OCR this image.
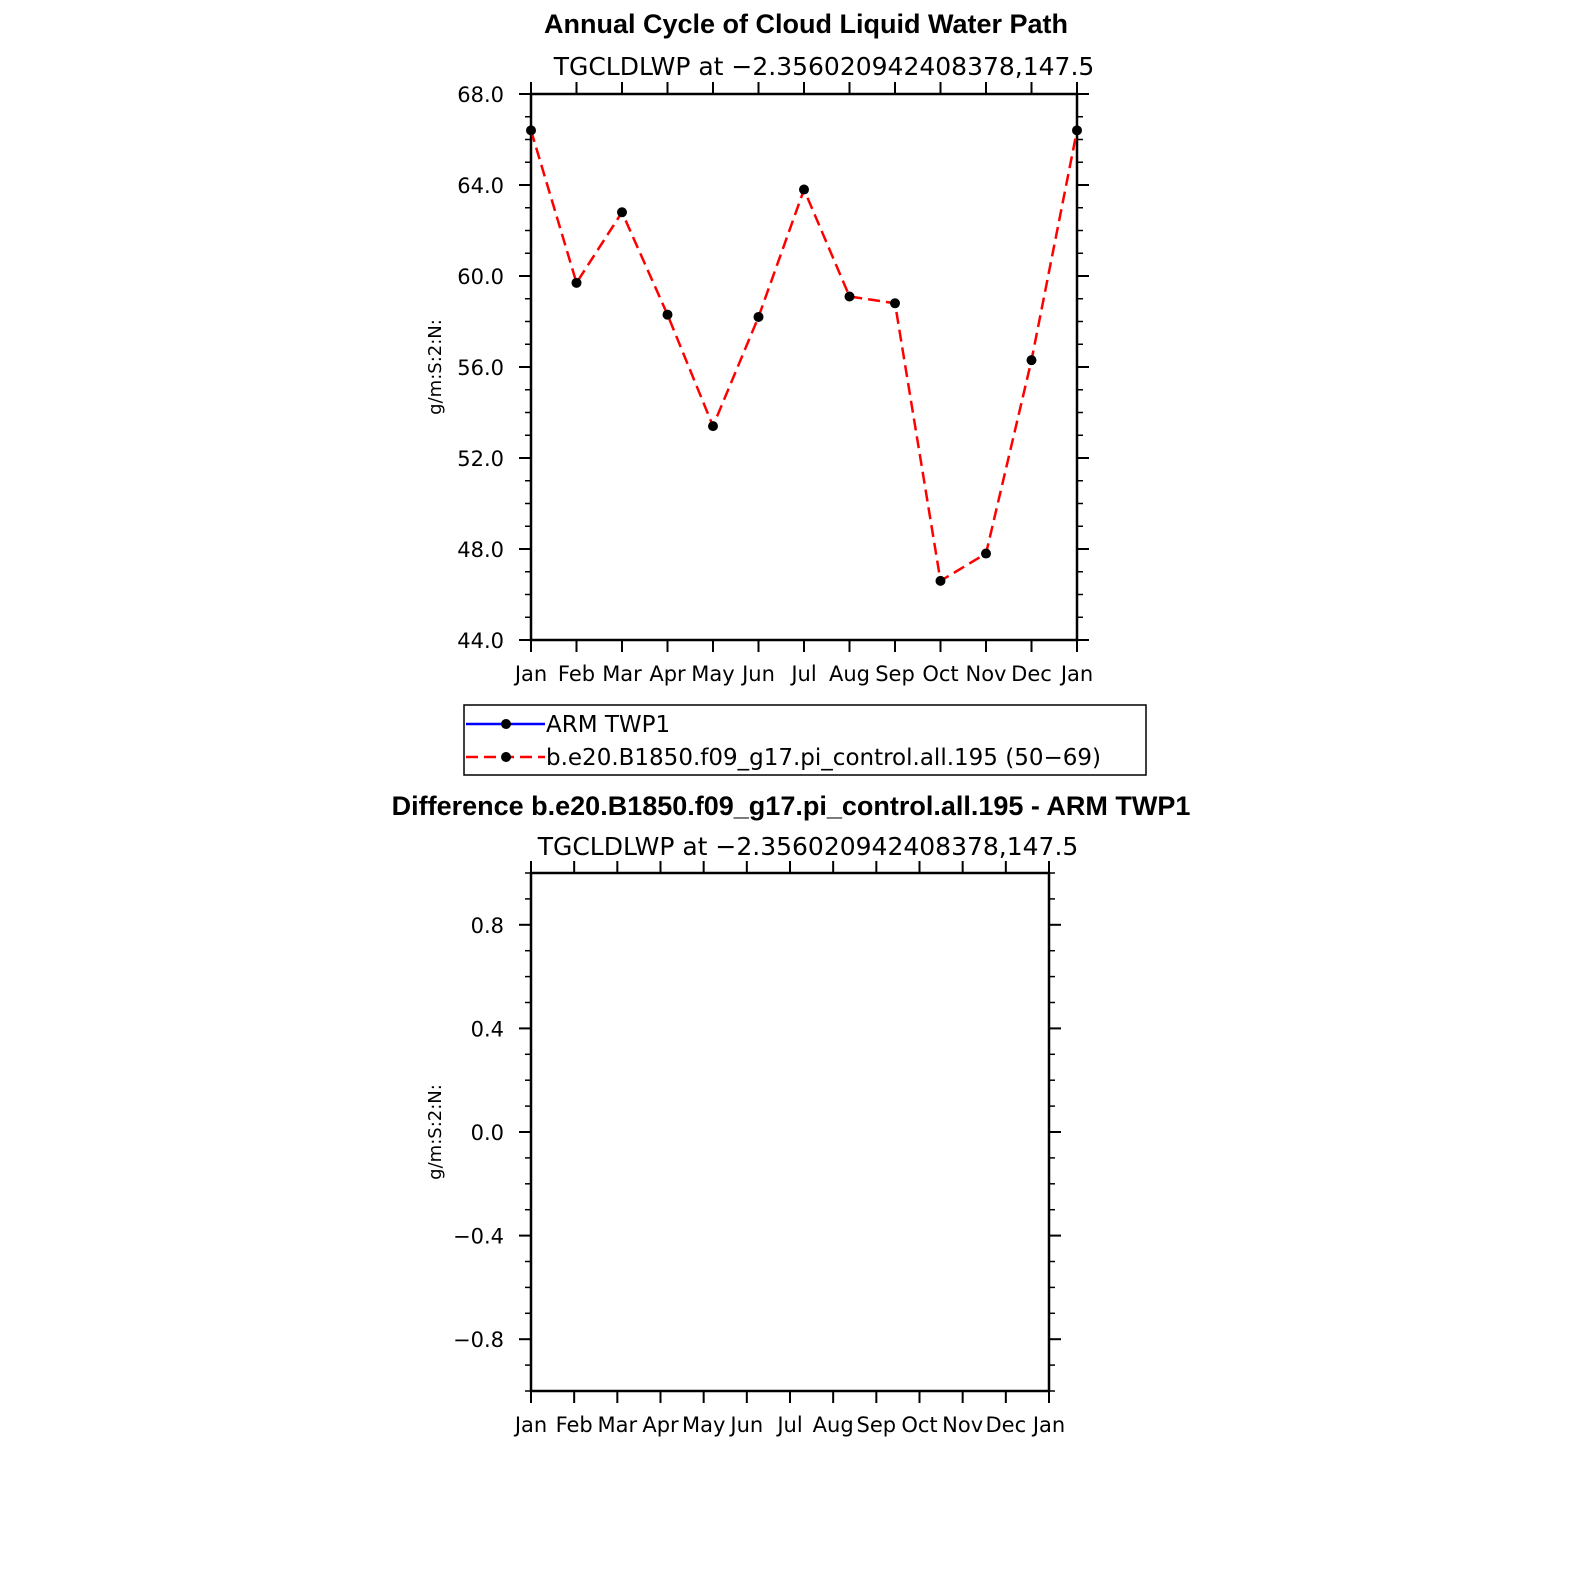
Annual Cycle of Cloud Liquid Water Path
TGCLDLWP at −2.356020942408378,147.5
g/m:S:2:N:
44.0
48.0
52.0
56.0
60.0
64.0
68.0
Jan Feb Mar Apr May Jun Jul Aug Sep Oct Nov Dec Jan
ARM TWP1
b.e20.B1850.f09_g17.pi_control.all.195 (50−69)
Difference b.e20.B1850.f09_g17.pi_control.all.195 - ARM TWP1
TGCLDLWP at −2.356020942408378,147.5
g/m:S:2:N:
−0.8
−0.4
0.0
0.4
0.8
Jan Feb Mar Apr May Jun Jul Aug Sep Oct Nov Dec Jan
